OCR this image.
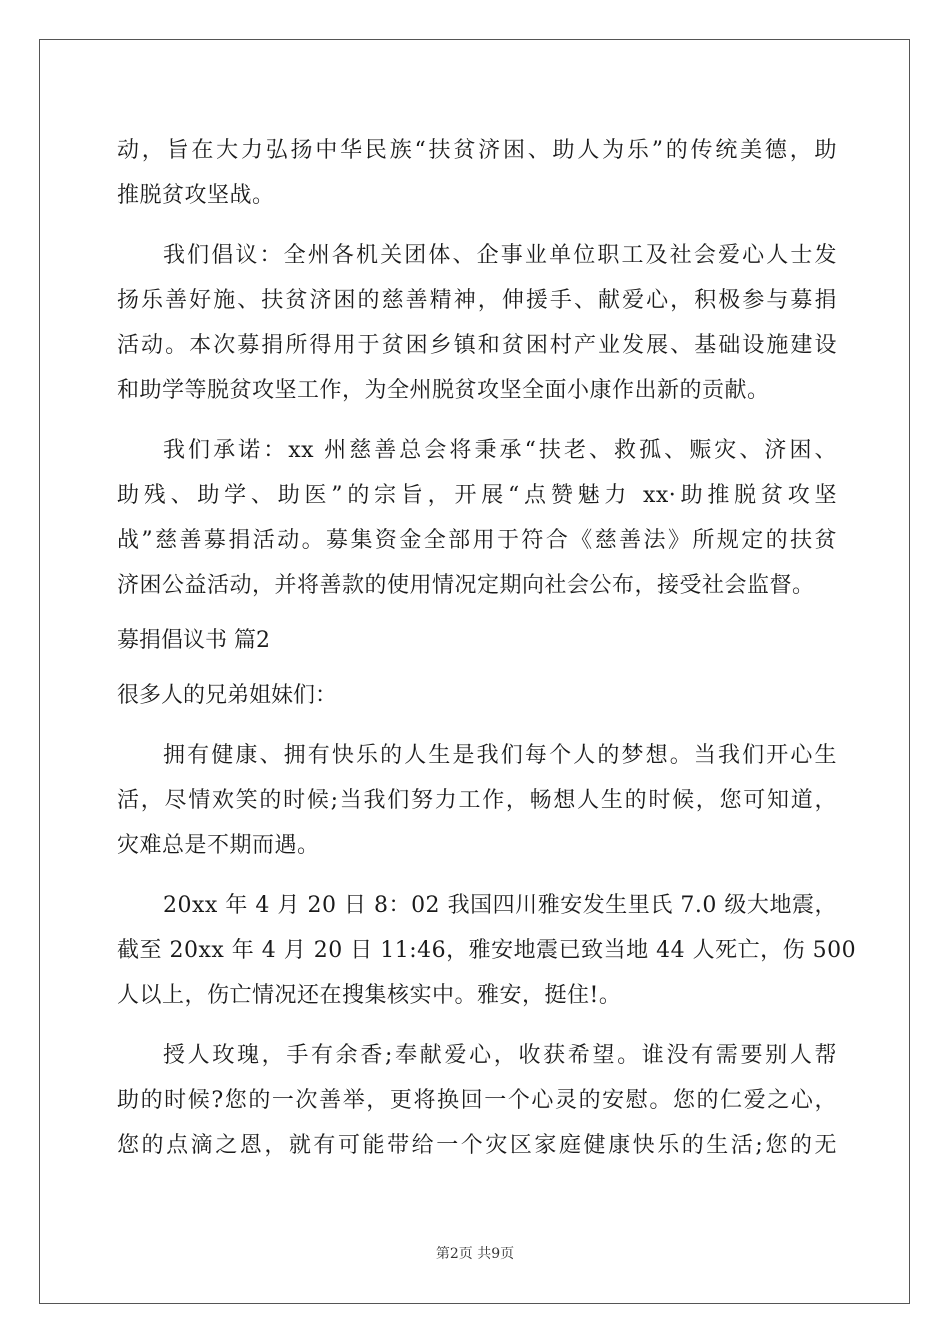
动，旨在大力弘扬中华民族“扶贫济困、助人为乐”的传统美德，助
推脱贫攻坚战。
我们倡议：全州各机关团体、企事业单位职工及社会爱心人士发
扬乐善好施、扶贫济困的慈善精神，伸援手、献爱心，积极参与募捐
活动。本次募捐所得用于贫困乡镇和贫困村产业发展、基础设施建设
和助学等脱贫攻坚工作，为全州脱贫攻坚全面小康作出新的贡献。
我们承诺：xx 州慈善总会将秉承“扶老、救孤、赈灾、济困、
助残、助学、助医”的宗旨，开展“点赞魅力 xx·助推脱贫攻坚
战”慈善募捐活动。募集资金全部用于符合《慈善法》所规定的扶贫
济困公益活动，并将善款的使用情况定期向社会公布，接受社会监督。
募捐倡议书 篇2
很多人的兄弟姐妹们：
拥有健康、拥有快乐的人生是我们每个人的梦想。当我们开心生
活，尽情欢笑的时候;当我们努力工作，畅想人生的时候，您可知道，
灾难总是不期而遇。
20xx 年 4 月 20 日 8：02 我国四川雅安发生里氏 7.0 级大地震，
截至 20xx 年 4 月 20 日 11:46，雅安地震已致当地 44 人死亡，伤 500
人以上，伤亡情况还在搜集核实中。雅安，挺住!。
授人玫瑰，手有余香;奉献爱心，收获希望。谁没有需要别人帮
助的时候?您的一次善举，更将换回一个心灵的安慰。您的仁爱之心，
您的点滴之恩，就有可能带给一个灾区家庭健康快乐的生活;您的无
第2页 共9页
